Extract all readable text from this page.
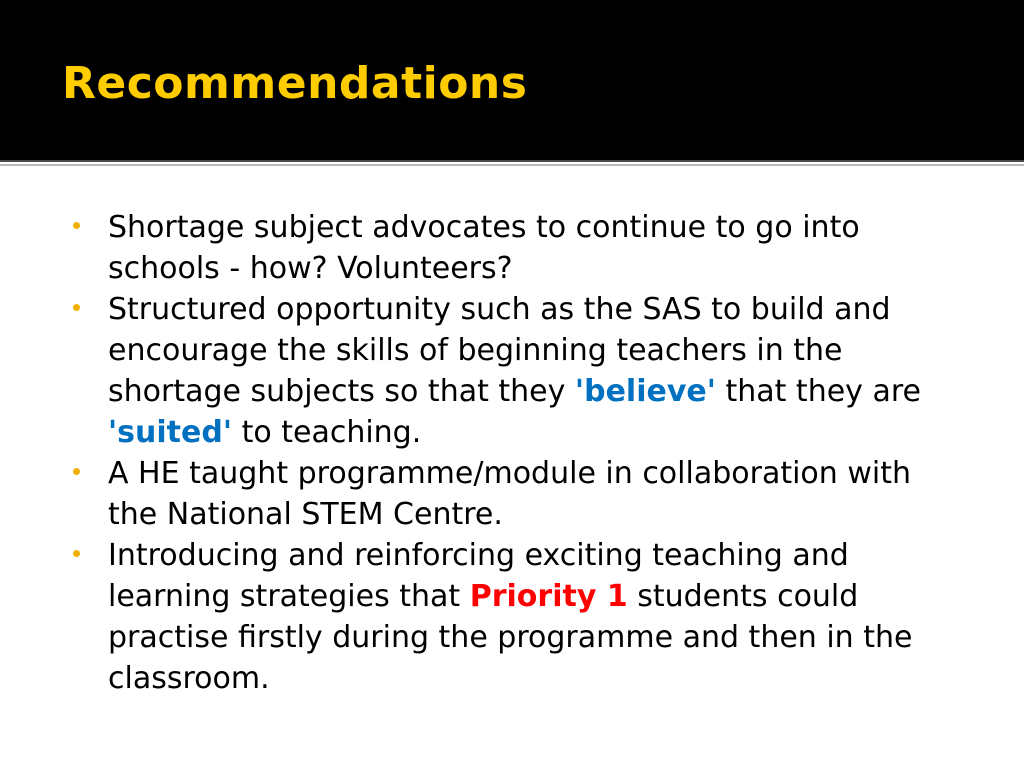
Recommendations
Shortage subject advocates to continue to go into schools - how? Volunteers?
Structured opportunity such as the SAS to build and encourage the skills of beginning teachers in the shortage subjects so that they 'believe' that they are 'suited' to teaching.
A HE taught programme/module in collaboration with the National STEM Centre.
Introducing and reinforcing exciting teaching and learning strategies that Priority 1 students could practise firstly during the programme and then in the classroom.
